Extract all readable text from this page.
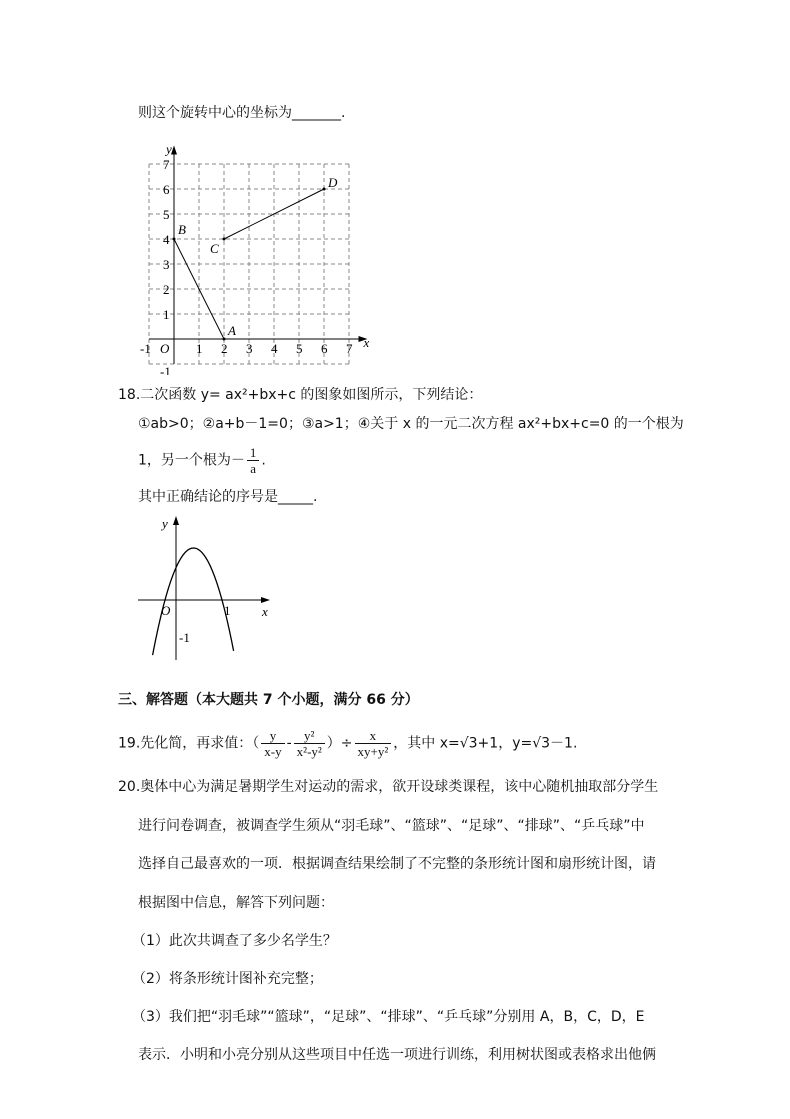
则这个旋转中心的坐标为_______.
x
y
O
-1	1 2 3 4 5 6 7
-1
1
2
3
4
5
6
7
A
B
C
D
18.二次函数 y= ax²+bx+c 的图象如图所示，下列结论：
①ab>0；②a+b－1=0；③a>1；④关于 x 的一元二次方程 ax²+bx+c=0 的一个根为
1，另一个根为－ $\frac{1}{a}$ .
其中正确结论的序号是_____.
x
y
O	1
-1
三、解答题（本大题共 7 个小题，满分 66 分）
19.先化简，再求值：（ $\frac{y}{x-y} - \frac{\text{y²}}{\text{x²-y²}}$ ）÷ $\frac{x}{\text{xy+y²}}$ ，其中 x=√3+1，y=√3－1.
20.奥体中心为满足暑期学生对运动的需求，欲开设球类课程，该中心随机抽取部分学生
进行问卷调查，被调查学生须从“羽毛球”、“篮球”、“足球”、“排球”、“乒乓球”中
选择自己最喜欢的一项．根据调查结果绘制了不完整的条形统计图和扇形统计图，请
根据图中信息，解答下列问题：
（1）此次共调查了多少名学生？
（2）将条形统计图补充完整；
（3）我们把“羽毛球”“篮球”，“足球”、“排球”、“乒乓球”分别用 A，B，C，D，E
表示．小明和小亮分别从这些项目中任选一项进行训练，利用树状图或表格求出他俩
